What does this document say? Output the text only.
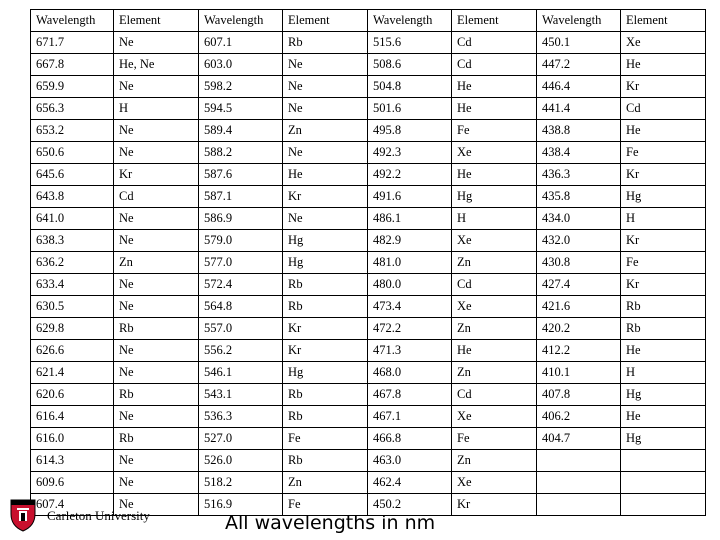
Wavelength	Element	Wavelength	Element	Wavelength	Element	Wavelength	Element
671.7	Ne	607.1	Rb	515.6	Cd	450.1	Xe
667.8	He, Ne	603.0	Ne	508.6	Cd	447.2	He
659.9	Ne	598.2	Ne	504.8	He	446.4	Kr
656.3	H	594.5	Ne	501.6	He	441.4	Cd
653.2	Ne	589.4	Zn	495.8	Fe	438.8	He
650.6	Ne	588.2	Ne	492.3	Xe	438.4	Fe
645.6	Kr	587.6	He	492.2	He	436.3	Kr
643.8	Cd	587.1	Kr	491.6	Hg	435.8	Hg
641.0	Ne	586.9	Ne	486.1	H	434.0	H
638.3	Ne	579.0	Hg	482.9	Xe	432.0	Kr
636.2	Zn	577.0	Hg	481.0	Zn	430.8	Fe
633.4	Ne	572.4	Rb	480.0	Cd	427.4	Kr
630.5	Ne	564.8	Rb	473.4	Xe	421.6	Rb
629.8	Rb	557.0	Kr	472.2	Zn	420.2	Rb
626.6	Ne	556.2	Kr	471.3	He	412.2	He
621.4	Ne	546.1	Hg	468.0	Zn	410.1	H
620.6	Rb	543.1	Rb	467.8	Cd	407.8	Hg
616.4	Ne	536.3	Rb	467.1	Xe	406.2	He
616.0	Rb	527.0	Fe	466.8	Fe	404.7	Hg
614.3	Ne	526.0	Rb	463.0	Zn		
609.6	Ne	518.2	Zn	462.4	Xe		
607.4	Ne	516.9	Fe	450.2	Kr		
Carleton University	All wavelengths in nm
